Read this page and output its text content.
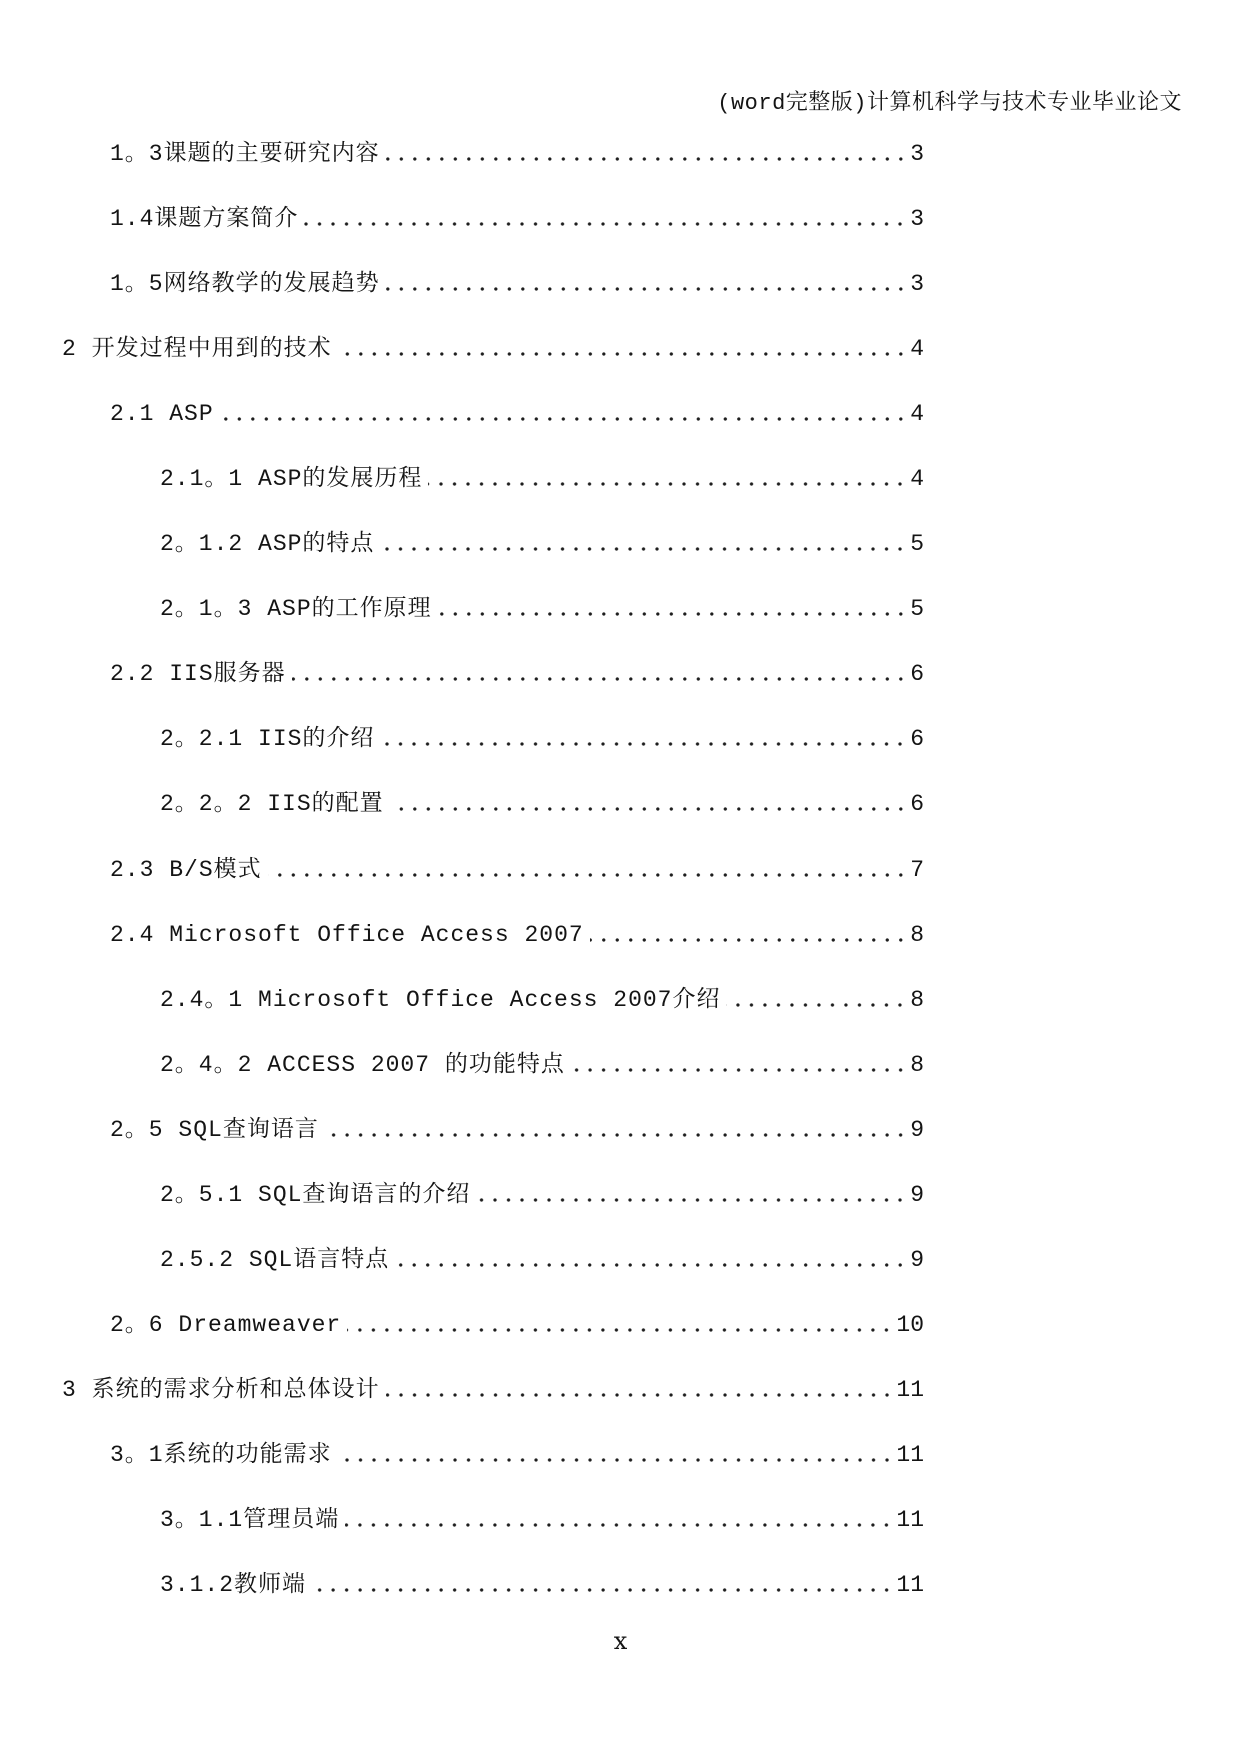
(word完整版)计算机科学与技术专业毕业论文
1。3课题的主要研究内容	3
1.4课题方案简介	3
1。5网络教学的发展趋势	3
2 开发过程中用到的技术	4
2.1 ASP	4
2.1。1 ASP的发展历程	4
2。1.2 ASP的特点	5
2。1。3 ASP的工作原理	5
2.2 IIS服务器	6
2。2.1 IIS的介绍	6
2。2。2 IIS的配置	6
2.3 B/S模式	7
2.4 Microsoft Office Access 2007	8
2.4。1 Microsoft Office Access 2007介绍	8
2。4。2 ACCESS 2007 的功能特点	8
2。5 SQL查询语言	9
2。5.1 SQL查询语言的介绍	9
2.5.2 SQL语言特点	9
2。6 Dreamweaver	10
3 系统的需求分析和总体设计	11
3。1系统的功能需求	11
3。1.1管理员端	11
3.1.2教师端	11
x
